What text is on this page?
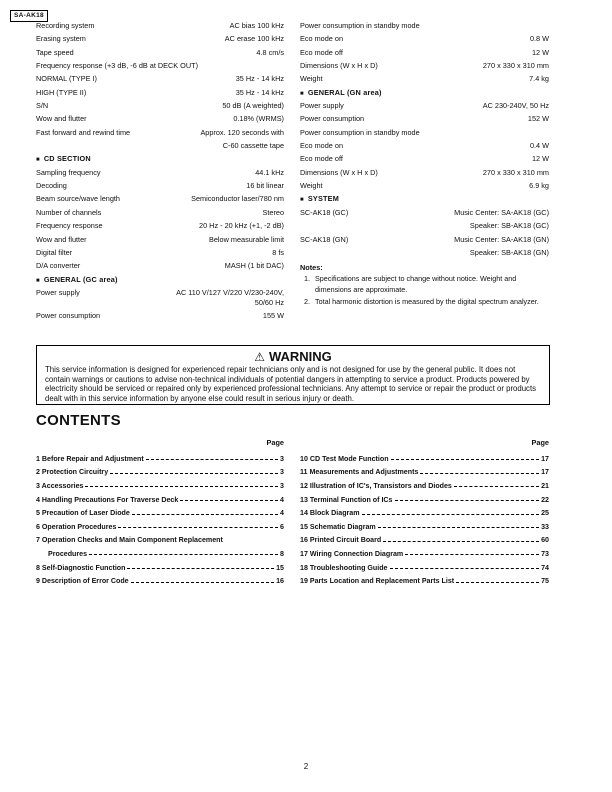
SA-AK18
Recording system	AC bias 100 kHz
Erasing system	AC erase 100 kHz
Tape speed	4.8 cm/s
Frequency response (+3 dB, -6 dB at DECK OUT)
NORMAL (TYPE I)	35 Hz - 14 kHz
HIGH (TYPE II)	35 Hz - 14 kHz
S/N	50 dB (A weighted)
Wow and flutter	0.18% (WRMS)
Fast forward and rewind time	Approx. 120 seconds with
C-60 cassette tape
■ CD SECTION
Sampling frequency	44.1 kHz
Decoding	16 bit linear
Beam source/wave length	Semiconductor laser/780 nm
Number of channels	Stereo
Frequency response	20 Hz - 20 kHz (+1, -2 dB)
Wow and flutter	Below measurable limit
Digital filter	8 fs
D/A converter	MASH (1 bit DAC)
■ GENERAL (GC area)
Power supply	AC 110 V/127 V/220 V/230-240V,
50/60 Hz
Power consumption	155 W
Power consumption in standby mode
Eco mode on	0.8 W
Eco mode off	12 W
Dimensions (W x H x D)	270 x 330 x 310 mm
Weight	7.4 kg
■ GENERAL (GN area)
Power supply	AC 230-240V, 50 Hz
Power consumption	152 W
Power consumption in standby mode
Eco mode on	0.4 W
Eco mode off	12 W
Dimensions (W x H x D)	270 x 330 x 310 mm
Weight	6.9 kg
■ SYSTEM
SC-AK18 (GC)	Music Center: SA-AK18 (GC)
Speaker: SB-AK18 (GC)
SC-AK18 (GN)	Music Center: SA-AK18 (GN)
Speaker: SB-AK18 (GN)
Notes:
1. Specifications are subject to change without notice. Weight and dimensions are approximate.
2. Total harmonic distortion is measured by the digital spectrum analyzer.
⚠ WARNING
This service information is designed for experienced repair technicians only and is not designed for use by the general public. It does not contain warnings or cautions to advise non-technical individuals of potential dangers in attempting to service a product. Products powered by electricity should be serviced or repaired only by experienced professional technicians. Any attempt to service or repair the product or products dealt with in this service information by anyone else could result in serious injury or death.
CONTENTS
Page
1 Before Repair and Adjustment	3
2 Protection Circuitry	3
3 Accessories	3
4 Handling Precautions For Traverse Deck	4
5 Precaution of Laser Diode	4
6 Operation Procedures	6
7 Operation Checks and Main Component Replacement
Procedures	8
8 Self-Diagnostic Function	15
9 Description of Error Code	16
Page
10 CD Test Mode Function	17
11 Measurements and Adjustments	17
12 Illustration of IC's, Transistors and Diodes	21
13 Terminal Function of ICs	22
14 Block Diagram	25
15 Schematic Diagram	33
16 Printed Circuit Board	60
17 Wiring Connection Diagram	73
18 Troubleshooting Guide	74
19 Parts Location and Replacement Parts List	75
2
